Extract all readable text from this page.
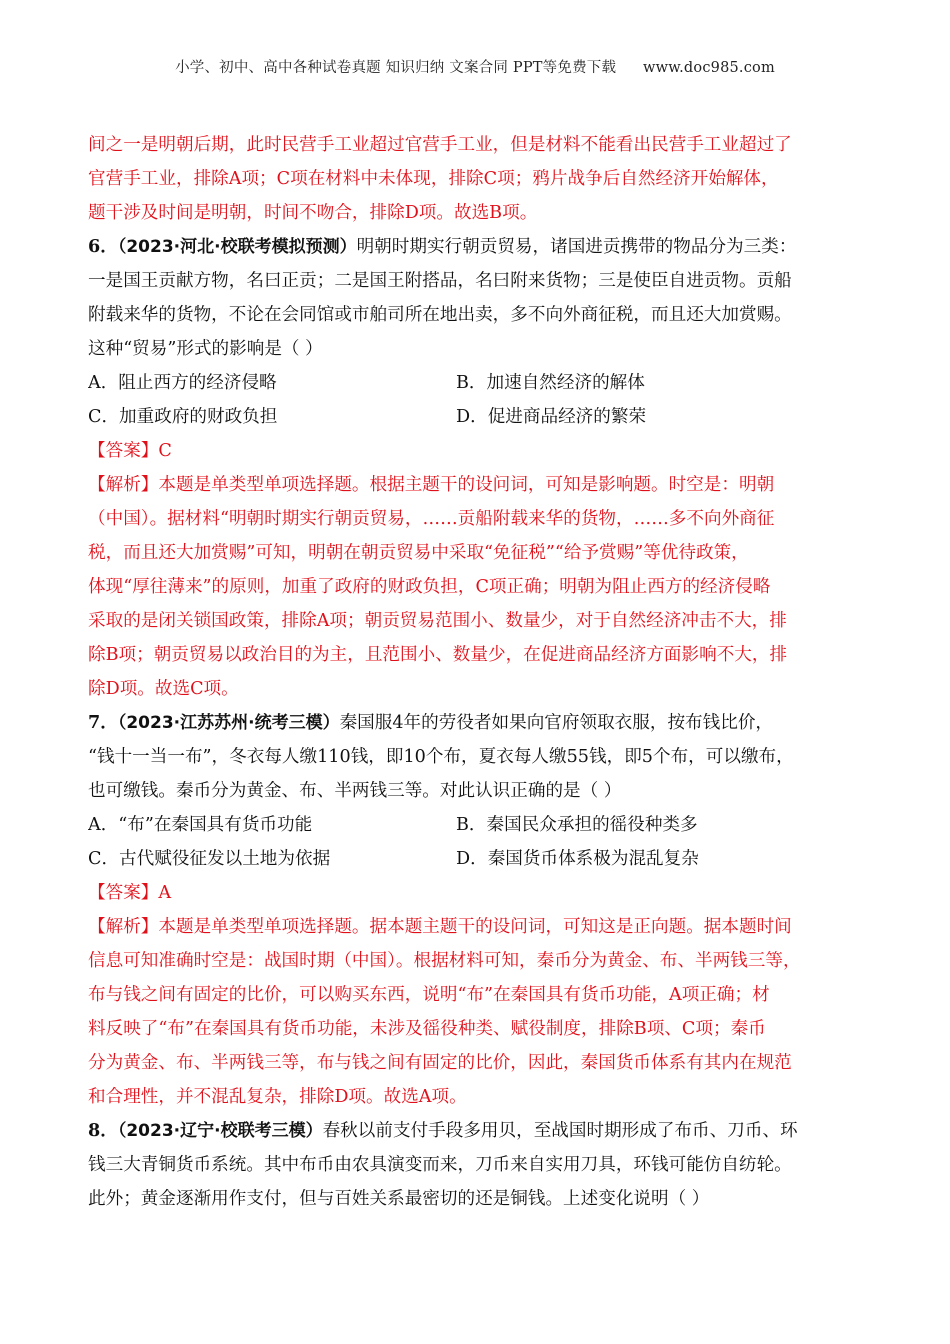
小学、初中、高中各种试卷真题 知识归纳 文案合同 PPT等免费下载 www.doc985.com
间之一是明朝后期，此时民营手工业超过官营手工业，但是材料不能看出民营手工业超过了
官营手工业，排除A项；C项在材料中未体现，排除C项；鸦片战争后自然经济开始解体，
题干涉及时间是明朝，时间不吻合，排除D项。故选B项。
6．（2023·河北·校联考模拟预测）明朝时期实行朝贡贸易，诸国进贡携带的物品分为三类：
一是国王贡献方物，名曰正贡；二是国王附搭品，名曰附来货物；三是使臣自进贡物。贡船
附载来华的货物，不论在会同馆或市舶司所在地出卖，多不向外商征税，而且还大加赏赐。
这种“贸易”形式的影响是（ ）
A．阻止西方的经济侵略	B．加速自然经济的解体
C．加重政府的财政负担	D．促进商品经济的繁荣
【答案】C
【解析】本题是单类型单项选择题。根据主题干的设问词，可知是影响题。时空是：明朝
（中国）。据材料“明朝时期实行朝贡贸易，……贡船附载来华的货物，……多不向外商征
税，而且还大加赏赐”可知，明朝在朝贡贸易中采取“免征税”“给予赏赐”等优待政策，
体现“厚往薄来”的原则，加重了政府的财政负担，C项正确；明朝为阻止西方的经济侵略
采取的是闭关锁国政策，排除A项；朝贡贸易范围小、数量少，对于自然经济冲击不大，排
除B项；朝贡贸易以政治目的为主，且范围小、数量少，在促进商品经济方面影响不大，排
除D项。故选C项。
7．（2023·江苏苏州·统考三模）秦国服4年的劳役者如果向官府领取衣服，按布钱比价，
“钱十一当一布”，冬衣每人缴110钱，即10个布，夏衣每人缴55钱，即5个布，可以缴布，
也可缴钱。秦币分为黄金、布、半两钱三等。对此认识正确的是（ ）
A．“布”在秦国具有货币功能	B．秦国民众承担的徭役种类多
C．古代赋役征发以土地为依据	D．秦国货币体系极为混乱复杂
【答案】A
【解析】本题是单类型单项选择题。据本题主题干的设问词，可知这是正向题。据本题时间
信息可知准确时空是：战国时期（中国）。根据材料可知，秦币分为黄金、布、半两钱三等，
布与钱之间有固定的比价，可以购买东西，说明“布”在秦国具有货币功能，A项正确；材
料反映了“布”在秦国具有货币功能，未涉及徭役种类、赋役制度，排除B项、C项；秦币
分为黄金、布、半两钱三等，布与钱之间有固定的比价，因此，秦国货币体系有其内在规范
和合理性，并不混乱复杂，排除D项。故选A项。
8．（2023·辽宁·校联考三模）春秋以前支付手段多用贝，至战国时期形成了布币、刀币、环
钱三大青铜货币系统。其中布币由农具演变而来，刀币来自实用刀具，环钱可能仿自纺轮。
此外；黄金逐渐用作支付，但与百姓关系最密切的还是铜钱。上述变化说明（ ）
